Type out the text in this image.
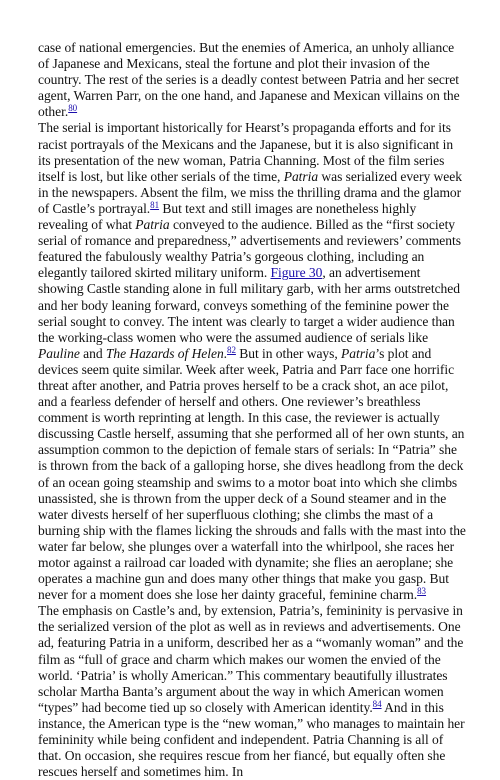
case of national emergencies. But the enemies of America, an unholy alliance of Japanese and Mexicans, steal the fortune and plot their invasion of the country. The rest of the series is a deadly contest between Patria and her secret agent, Warren Parr, on the one hand, and Japanese and Mexican villains on the other.$^{80}$

The serial is important historically for Hearst’s propaganda efforts and for its racist portrayals of the Mexicans and the Japanese, but it is also significant in its presentation of the new woman, Patria Channing. Most of the film series itself is lost, but like other serials of the time, Patria was serialized every week in the newspapers. Absent the film, we miss the thrilling drama and the glamor of Castle’s portrayal.$^{81}$ But text and still images are nonetheless highly revealing of what Patria conveyed to the audience. Billed as the “first society serial of romance and preparedness,” advertisements and reviewers’ comments featured the fabulously wealthy Patria’s gorgeous clothing, including an elegantly tailored skirted military uniform. Figure 30, an advertisement showing Castle standing alone in full military garb, with her arms outstretched and her body leaning forward, conveys something of the feminine power the serial sought to convey. The intent was clearly to target a wider audience than the working-class women who were the assumed audience of serials like Pauline and The Hazards of Helen.$^{82}$ But in other ways, Patria’s plot and devices seem quite similar. Week after week, Patria and Parr face one horrific threat after another, and Patria proves herself to be a crack shot, an ace pilot, and a fearless defender of herself and others. One reviewer’s breathless comment is worth reprinting at length. In this case, the reviewer is actually discussing Castle herself, assuming that she performed all of her own stunts, an assumption common to the depiction of female stars of serials: In “Patria” she is thrown from the back of a galloping horse, she dives headlong from the deck of an ocean going steamship and swims to a motor boat into which she climbs unassisted, she is thrown from the upper deck of a Sound steamer and in the water divests herself of her superfluous clothing; she climbs the mast of a burning ship with the flames licking the shrouds and falls with the mast into the water far below, she plunges over a waterfall into the whirlpool, she races her motor against a railroad car loaded with dynamite; she flies an aeroplane; she operates a machine gun and does many other things that make you gasp. But never for a moment does she lose her dainty graceful, feminine charm.$^{83}$

The emphasis on Castle’s and, by extension, Patria’s, femininity is pervasive in the serialized version of the plot as well as in reviews and advertisements. One ad, featuring Patria in a uniform, described her as a “womanly woman” and the film as “full of grace and charm which makes our women the envied of the world. ‘Patria’ is wholly American.” This commentary beautifully illustrates scholar Martha Banta’s argument about the way in which American women “types” had become tied up so closely with American identity.$^{84}$ And in this instance, the American type is the “new woman,” who manages to maintain her femininity while being confident and independent. Patria Channing is all of that. On occasion, she requires rescue from her fiancé, but equally often she rescues herself and sometimes him. In
